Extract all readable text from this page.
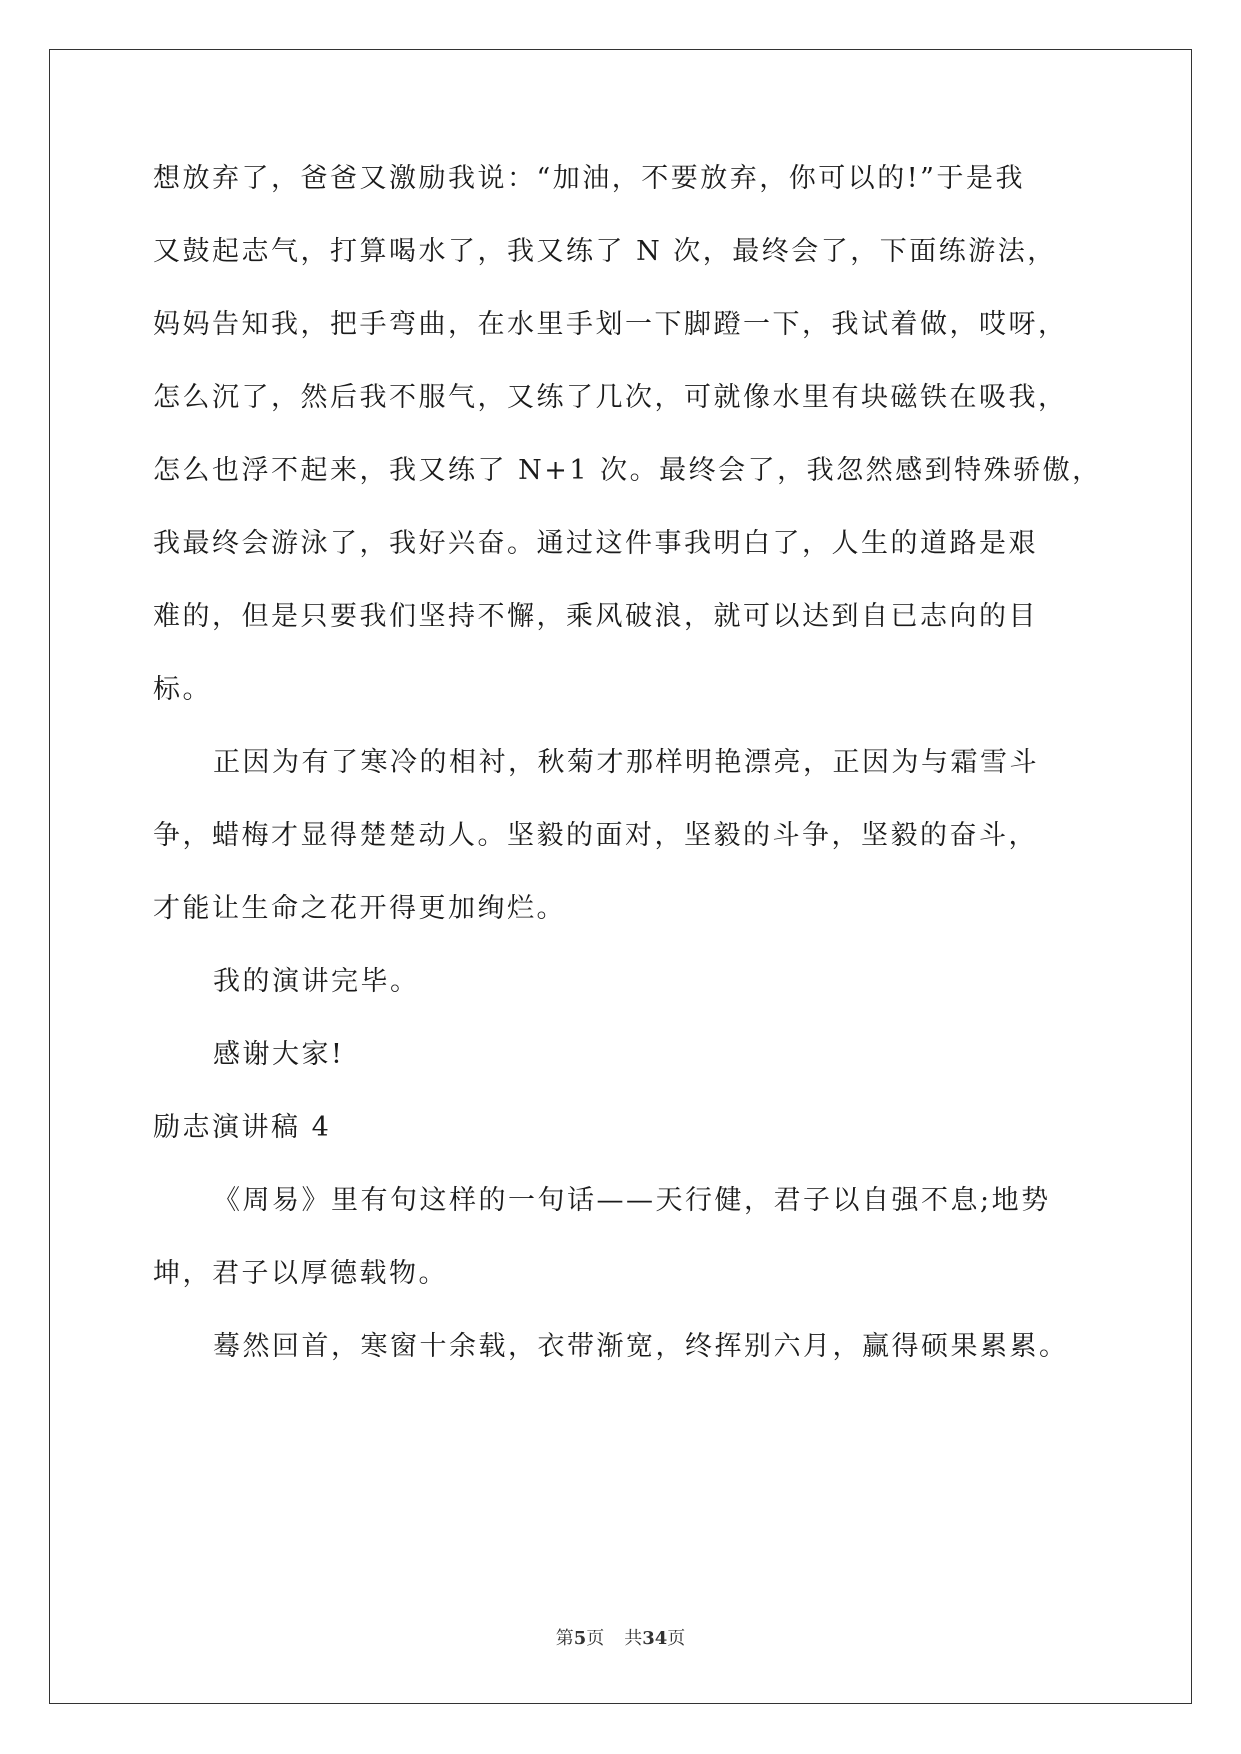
想放弃了，爸爸又激励我说：“加油，不要放弃，你可以的!”于是我
又鼓起志气，打算喝水了，我又练了 N 次，最终会了，下面练游法，
妈妈告知我，把手弯曲，在水里手划一下脚蹬一下，我试着做，哎呀，
怎么沉了，然后我不服气，又练了几次，可就像水里有块磁铁在吸我，
怎么也浮不起来，我又练了 N+1 次。最终会了，我忽然感到特殊骄傲，
我最终会游泳了，我好兴奋。通过这件事我明白了，人生的道路是艰
难的，但是只要我们坚持不懈，乘风破浪，就可以达到自已志向的目
标。
正因为有了寒冷的相衬，秋菊才那样明艳漂亮，正因为与霜雪斗
争，蜡梅才显得楚楚动人。坚毅的面对，坚毅的斗争，坚毅的奋斗，
才能让生命之花开得更加绚烂。
我的演讲完毕。
感谢大家!
励志演讲稿 4
《周易》里有句这样的一句话——天行健，君子以自强不息;地势
坤，君子以厚德载物。
蓦然回首，寒窗十余载，衣带渐宽，终挥别六月，赢得硕果累累。
第5页 共34页
